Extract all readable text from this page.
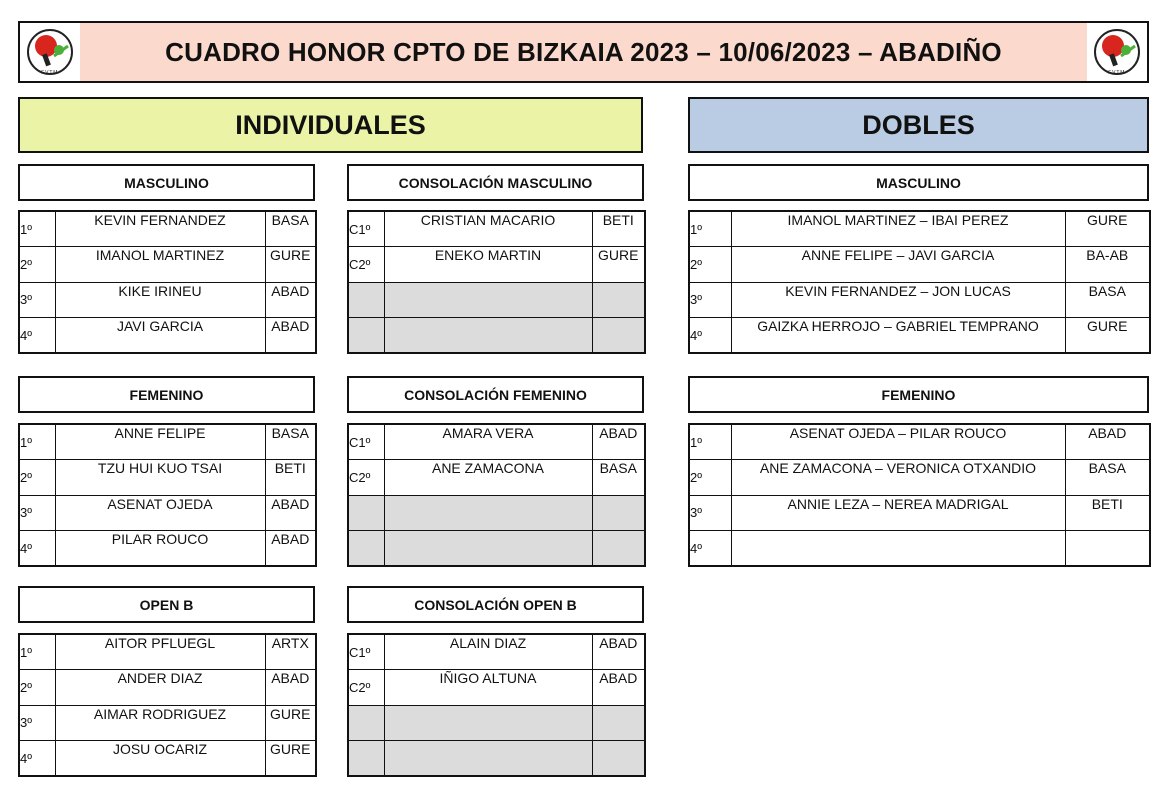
F.V.T.M.
CUADRO HONOR CPTO DE BIZKAIA 2023 – 10/06/2023 – ABADIÑO
F.V.T.M.
INDIVIDUALES	DOBLES
MASCULINO
1º	KEVIN FERNANDEZ	BASA
2º	IMANOL MARTINEZ	GURE
3º	KIKE IRINEU	ABAD
4º	JAVI GARCIA	ABAD
CONSOLACIÓN MASCULINO
C1º	CRISTIAN MACARIO	BETI
C2º	ENEKO MARTIN	GURE

FEMENINO
1º	ANNE FELIPE	BASA
2º	TZU HUI KUO TSAI	BETI
3º	ASENAT OJEDA	ABAD
4º	PILAR ROUCO	ABAD
CONSOLACIÓN FEMENINO
C1º	AMARA VERA	ABAD
C2º	ANE ZAMACONA	BASA

OPEN B
1º	AITOR PFLUEGL	ARTX
2º	ANDER DIAZ	ABAD
3º	AIMAR RODRIGUEZ	GURE
4º	JOSU OCARIZ	GURE
CONSOLACIÓN OPEN B
C1º	ALAIN DIAZ	ABAD
C2º	IÑIGO ALTUNA	ABAD

MASCULINO
1º	IMANOL MARTINEZ – IBAI PEREZ	GURE
2º	ANNE FELIPE – JAVI GARCIA	BA-AB
3º	KEVIN FERNANDEZ – JON LUCAS	BASA
4º	GAIZKA HERROJO – GABRIEL TEMPRANO	GURE
FEMENINO
1º	ASENAT OJEDA – PILAR ROUCO	ABAD
2º	ANE ZAMACONA – VERONICA OTXANDIO	BASA
3º	ANNIE LEZA – NEREA MADRIGAL	BETI
4º		
